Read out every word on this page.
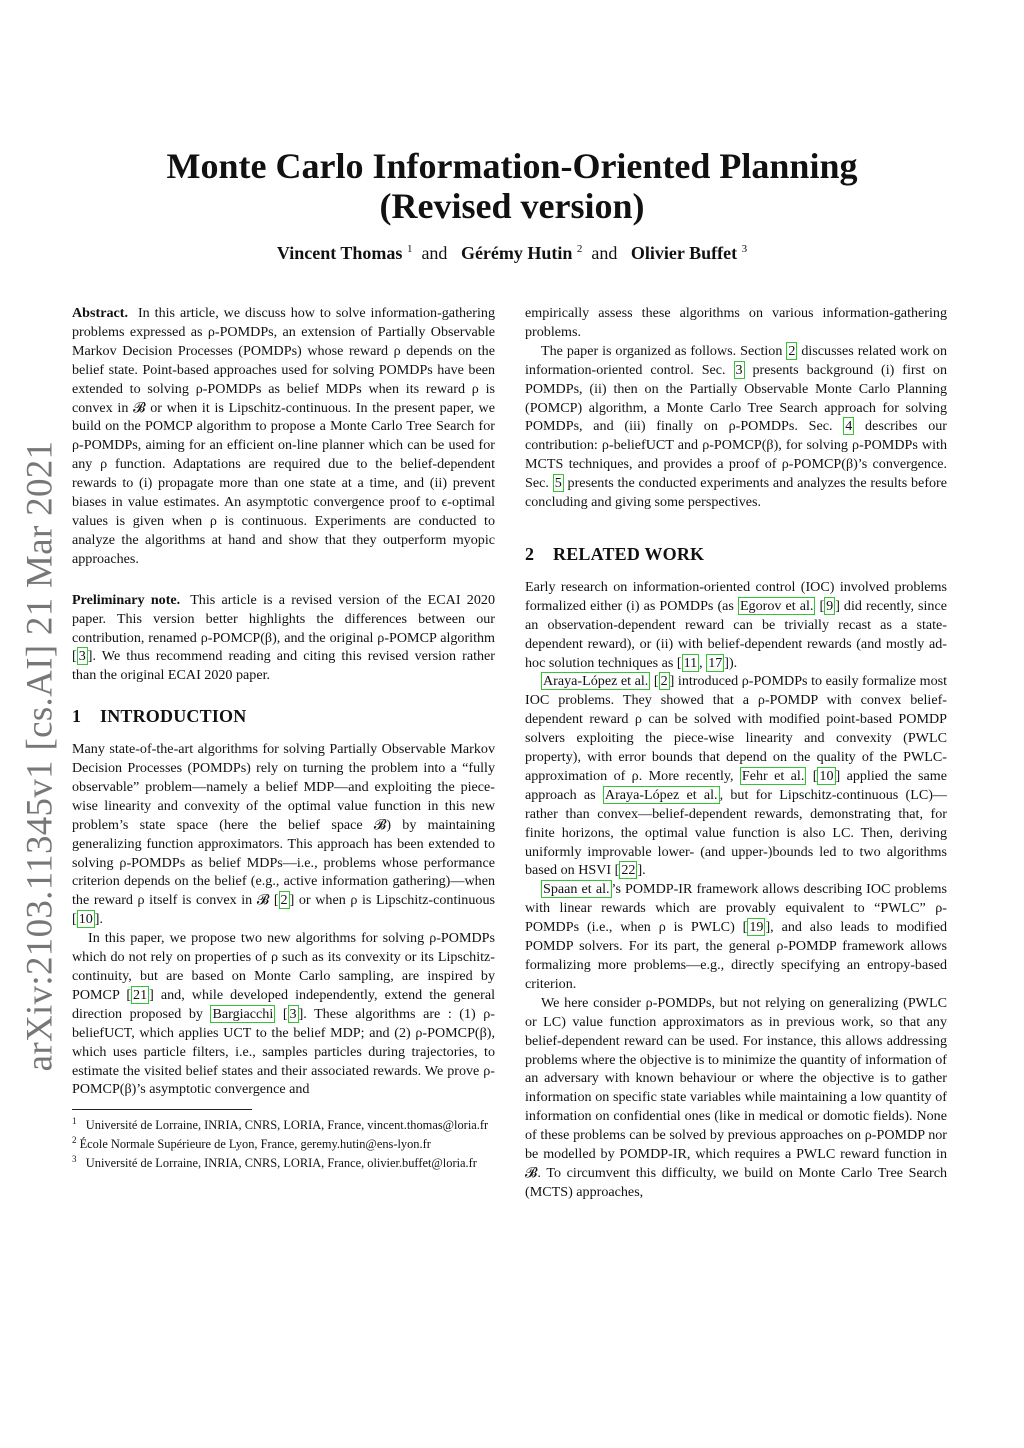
arXiv:2103.11345v1 [cs.AI] 21 Mar 2021
Monte Carlo Information-Oriented Planning
(Revised version)
Vincent Thomas $^1$ and Gérémy Hutin $^2$ and Olivier Buffet $^3$

Abstract. In this article, we discuss how to solve information-gathering problems expressed as ρ-POMDPs, an extension of Partially Observable Markov Decision Processes (POMDPs) whose reward ρ depends on the belief state. Point-based approaches used for solving POMDPs have been extended to solving ρ-POMDPs as belief MDPs when its reward ρ is convex in 𝓑 or when it is Lipschitz-continuous. In the present paper, we build on the POMCP algorithm to propose a Monte Carlo Tree Search for ρ-POMDPs, aiming for an efficient on-line planner which can be used for any ρ function. Adaptations are required due to the belief-dependent rewards to (i) propagate more than one state at a time, and (ii) prevent biases in value estimates. An asymptotic convergence proof to ϵ-optimal values is given when ρ is continuous. Experiments are conducted to analyze the algorithms at hand and show that they outperform myopic approaches.

Preliminary note. This article is a revised version of the ECAI 2020 paper. This version better highlights the differences between our contribution, renamed ρ-POMCP(β), and the original ρ-POMCP algorithm [ 3 ]. We thus recommend reading and citing this revised version rather than the original ECAI 2020 paper.

1 INTRODUCTION

Many state-of-the-art algorithms for solving Partially Observable Markov Decision Processes (POMDPs) rely on turning the problem into a “fully observable” problem—namely a belief MDP—and exploiting the piece-wise linearity and convexity of the optimal value function in this new problem’s state space (here the belief space 𝓑) by maintaining generalizing function approximators. This approach has been extended to solving ρ-POMDPs as belief MDPs—i.e., problems whose performance criterion depends on the belief (e.g., active information gathering)—when the reward ρ itself is convex in 𝓑 [ 2 ] or when ρ is Lipschitz-continuous [ 10 ].

In this paper, we propose two new algorithms for solving ρ-POMDPs which do not rely on properties of ρ such as its convexity or its Lipschitz-continuity, but are based on Monte Carlo sampling, are inspired by POMCP [ 21 ] and, while developed independently, extend the general direction proposed by Bargiacchi [ 3 ]. These algorithms are : (1) ρ-beliefUCT, which applies UCT to the belief MDP; and (2) ρ-POMCP(β), which uses particle filters, i.e., samples particles during trajectories, to estimate the visited belief states and their associated rewards. We prove ρ-POMCP(β)’s asymptotic convergence and

$^1$ Université de Lorraine, INRIA, CNRS, LORIA, France, vincent.thomas@loria.fr
$^2$ École Normale Supérieure de Lyon, France, geremy.hutin@ens-lyon.fr
$^3$ Université de Lorraine, INRIA, CNRS, LORIA, France, olivier.buffet@loria.fr

empirically assess these algorithms on various information-gathering problems.

The paper is organized as follows. Section 2 discusses related work on information-oriented control. Sec. 3 presents background (i) first on POMDPs, (ii) then on the Partially Observable Monte Carlo Planning (POMCP) algorithm, a Monte Carlo Tree Search approach for solving POMDPs, and (iii) finally on ρ-POMDPs. Sec. 4 describes our contribution: ρ-beliefUCT and ρ-POMCP(β), for solving ρ-POMDPs with MCTS techniques, and provides a proof of ρ-POMCP(β)’s convergence. Sec. 5 presents the conducted experiments and analyzes the results before concluding and giving some perspectives.

2 RELATED WORK

Early research on information-oriented control (IOC) involved problems formalized either (i) as POMDPs (as Egorov et al. [ 9 ] did recently, since an observation-dependent reward can be trivially recast as a state-dependent reward), or (ii) with belief-dependent rewards (and mostly ad-hoc solution techniques as [ 11 , 17 ]).

Araya-López et al. [ 2 ] introduced ρ-POMDPs to easily formalize most IOC problems. They showed that a ρ-POMDP with convex belief-dependent reward ρ can be solved with modified point-based POMDP solvers exploiting the piece-wise linearity and convexity (PWLC property), with error bounds that depend on the quality of the PWLC-approximation of ρ. More recently, Fehr et al. [ 10 ] applied the same approach as Araya-López et al. , but for Lipschitz-continuous (LC)—rather than convex—belief-dependent rewards, demonstrating that, for finite horizons, the optimal value function is also LC. Then, deriving uniformly improvable lower- (and upper-)bounds led to two algorithms based on HSVI [ 22 ].

Spaan et al. ’s POMDP-IR framework allows describing IOC problems with linear rewards which are provably equivalent to “PWLC” ρ-POMDPs (i.e., when ρ is PWLC) [ 19 ], and also leads to modified POMDP solvers. For its part, the general ρ-POMDP framework allows formalizing more problems—e.g., directly specifying an entropy-based criterion.

We here consider ρ-POMDPs, but not relying on generalizing (PWLC or LC) value function approximators as in previous work, so that any belief-dependent reward can be used. For instance, this allows addressing problems where the objective is to minimize the quantity of information of an adversary with known behaviour or where the objective is to gather information on specific state variables while maintaining a low quantity of information on confidential ones (like in medical or domotic fields). None of these problems can be solved by previous approaches on ρ-POMDP nor be modelled by POMDP-IR, which requires a PWLC reward function in 𝓑. To circumvent this difficulty, we build on Monte Carlo Tree Search (MCTS) approaches,
